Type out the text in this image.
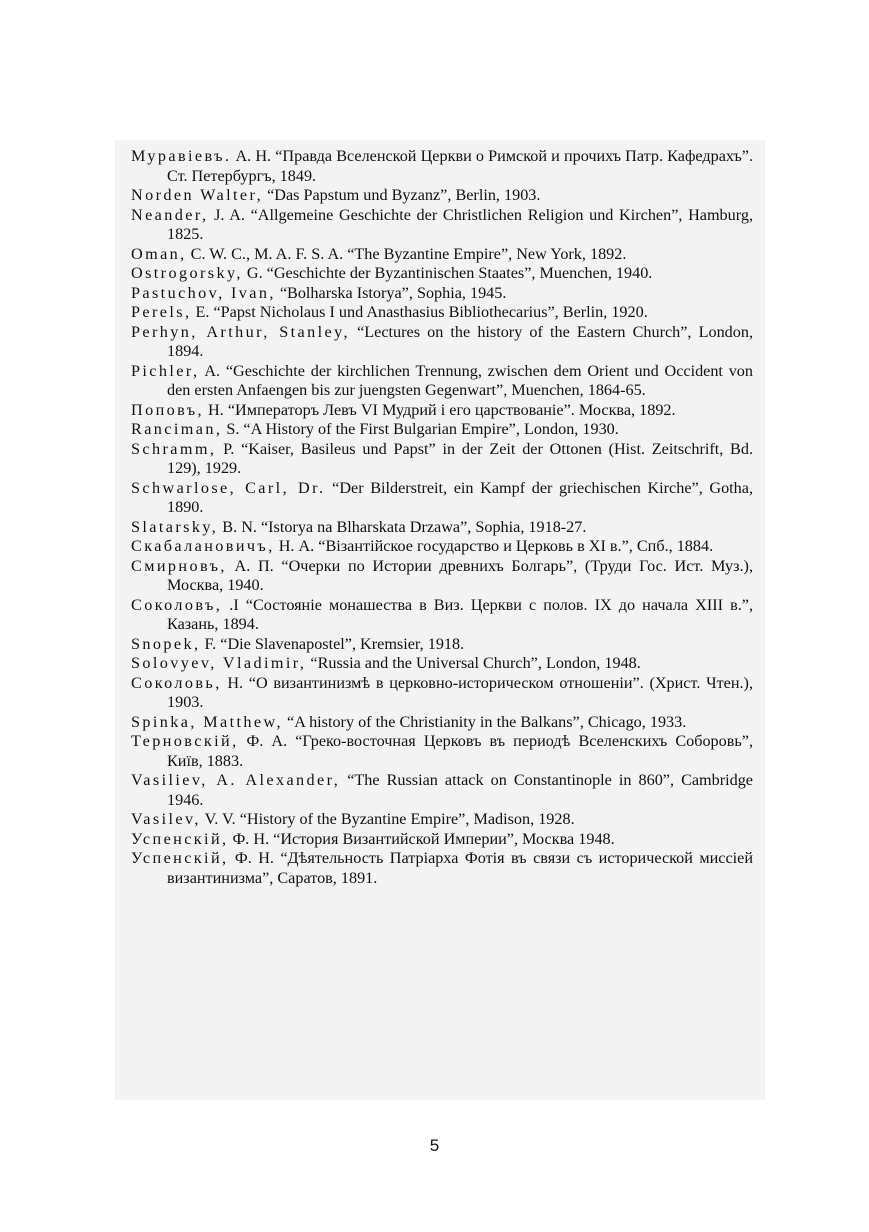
Муравiевъ. А. Н. “Правда Вселенской Церкви о Римской и прочихъ Патр. Кафедрахъ”. Ст. Петербургъ, 1849.

Norden Walter, “Das Papstum und Byzanz”, Berlin, 1903.

Neander, J. A. “Allgemeine Geschichte der Christlichen Religion und Kirchen”, Hamburg, 1825.

Oman, C. W. C., M. A. F. S. A. “The Byzantine Empire”, New York, 1892.

Ostrogorsky, G. “Geschichte der Byzantinischen Staates”, Muenchen, 1940.

Pastuchov, Ivan, “Bolharska Istorya”, Sophia, 1945.

Perels, E. “Papst Nicholaus I und Anasthasius Bibliothecarius”, Berlin, 1920.

Perhyn, Arthur, Stanley, “Lectures on the history of the Eastern Church”, London, 1894.

Pichler, A. “Geschichte der kirchlichen Trennung, zwischen dem Orient und Occident von den ersten Anfaengen bis zur juengsten Gegenwart”, Muenchen, 1864-65.

Поповъ, Н. “Императоръ Левъ VI Мудрий і его царствованiе”. Москва, 1892.

Ranciman, S. “A History of the First Bulgarian Empire”, London, 1930.

Schramm, P. “Kaiser, Basileus und Papst” in der Zeit der Ottonen (Hist. Zeitschrift, Bd. 129), 1929.

Schwarlose, Carl, Dr. “Der Bilderstreit, ein Kampf der griechischen Kirche”, Gotha, 1890.

Slatarsky, B. N. “Istorya na Blharskata Drzawa”, Sophia, 1918-27.

Скабалановичъ, Н. А. “Візантійское государство и Церковь в XI в.”, Спб., 1884.

Смирновъ, А. П. “Очерки по Истории древнихъ Болгарь”, (Труди Гос. Ист. Муз.), Москва, 1940.

Соколовъ, .I “Состоянiе монашества в Виз. Церкви с полов. IX до начала XIII в.”, Казань, 1894.

Snopek, F. “Die Slavenapostel”, Kremsier, 1918.

Solovyev, Vladimir, “Russia and the Universal Church”, London, 1948.

Соколовь, Н. “О византинизмѣ в церковно-историческом отношенiи”. (Христ. Чтен.), 1903.

Spinka, Matthew, “A history of the Christianity in the Balkans”, Chicago, 1933.

Терновскiй, Ф. А. “Греко-восточная Церковъ въ периодѣ Вселенскихъ Соборовь”, Київ, 1883.

Vasiliev, A. Alexander, “The Russian attack on Constantinople in 860”, Cambridge 1946.

Vasilev, V. V. “History of the Byzantine Empire”, Madison, 1928.

Успенскiй, Ф. Н. “История Византийской Империи”, Москва 1948.

Успенскiй, Ф. Н. “Дѣятельность Патріарха Фотія въ связи съ исторической миссiей византинизма”, Саратов, 1891.

5
